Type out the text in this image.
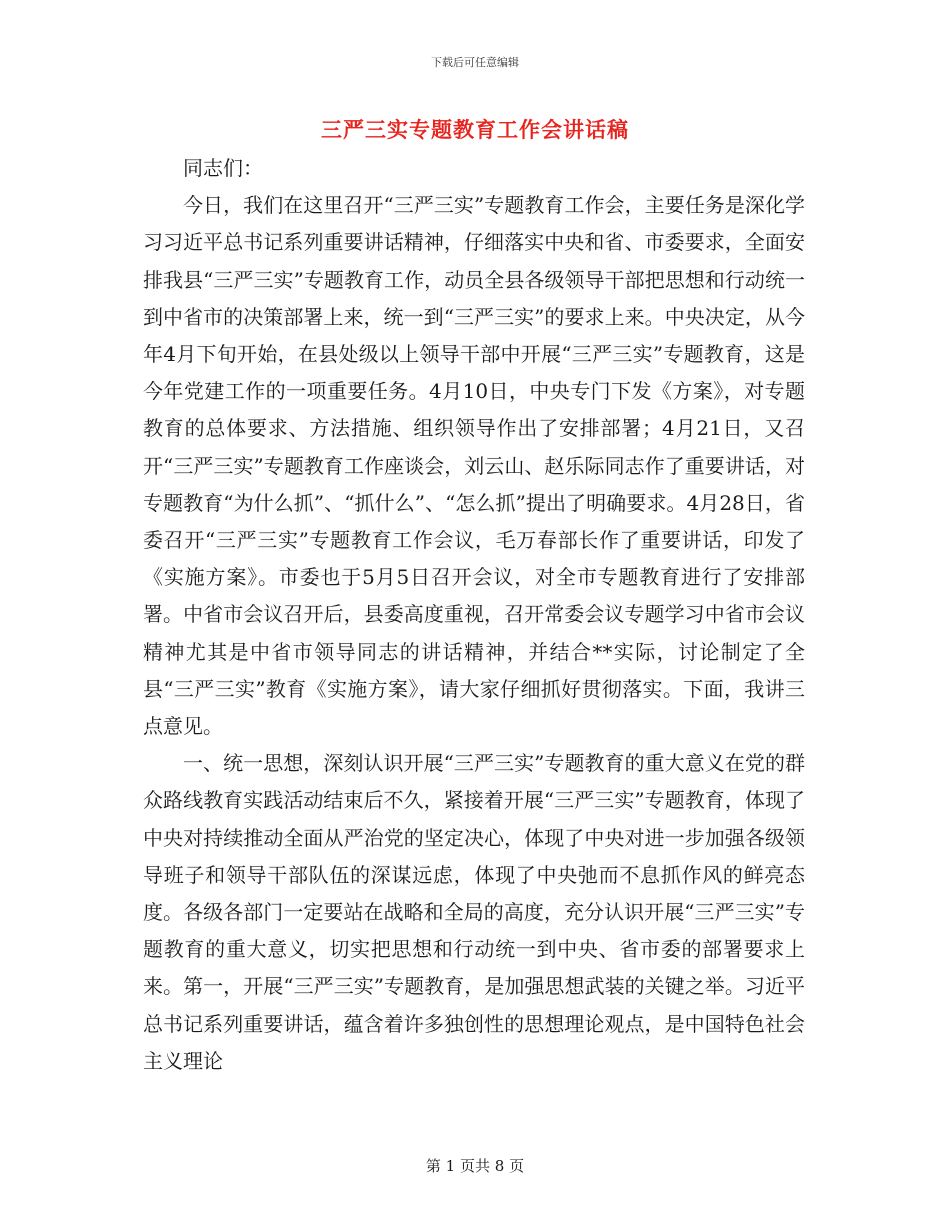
下载后可任意编辑
三严三实专题教育工作会讲话稿

同志们：

今日，我们在这里召开“三严三实”专题教育工作会，主要任务是深化学习习近平总书记系列重要讲话精神，仔细落实中央和省、市委要求，全面安排我县“三严三实”专题教育工作，动员全县各级领导干部把思想和行动统一到中省市的决策部署上来，统一到“三严三实”的要求上来。中央决定，从今年4月下旬开始，在县处级以上领导干部中开展“三严三实”专题教育，这是今年党建工作的一项重要任务。4月10日，中央专门下发《方案》，对专题教育的总体要求、方法措施、组织领导作出了安排部署；4月21日，又召开“三严三实”专题教育工作座谈会，刘云山、赵乐际同志作了重要讲话，对专题教育“为什么抓”、“抓什么”、“怎么抓”提出了明确要求。4月28日，省委召开“三严三实”专题教育工作会议，毛万春部长作了重要讲话，印发了《实施方案》。市委也于5月5日召开会议，对全市专题教育进行了安排部署。中省市会议召开后，县委高度重视，召开常委会议专题学习中省市会议精神尤其是中省市领导同志的讲话精神，并结合**实际，讨论制定了全县“三严三实”教育《实施方案》，请大家仔细抓好贯彻落实。下面，我讲三点意见。

一、统一思想，深刻认识开展“三严三实”专题教育的重大意义在党的群众路线教育实践活动结束后不久，紧接着开展“三严三实”专题教育，体现了中央对持续推动全面从严治党的坚定决心，体现了中央对进一步加强各级领导班子和领导干部队伍的深谋远虑，体现了中央弛而不息抓作风的鲜亮态度。各级各部门一定要站在战略和全局的高度，充分认识开展“三严三实”专题教育的重大意义，切实把思想和行动统一到中央、省市委的部署要求上来。第一，开展“三严三实”专题教育，是加强思想武装的关键之举。习近平总书记系列重要讲话，蕴含着许多独创性的思想理论观点，是中国特色社会主义理论

第 1 页共 8 页
